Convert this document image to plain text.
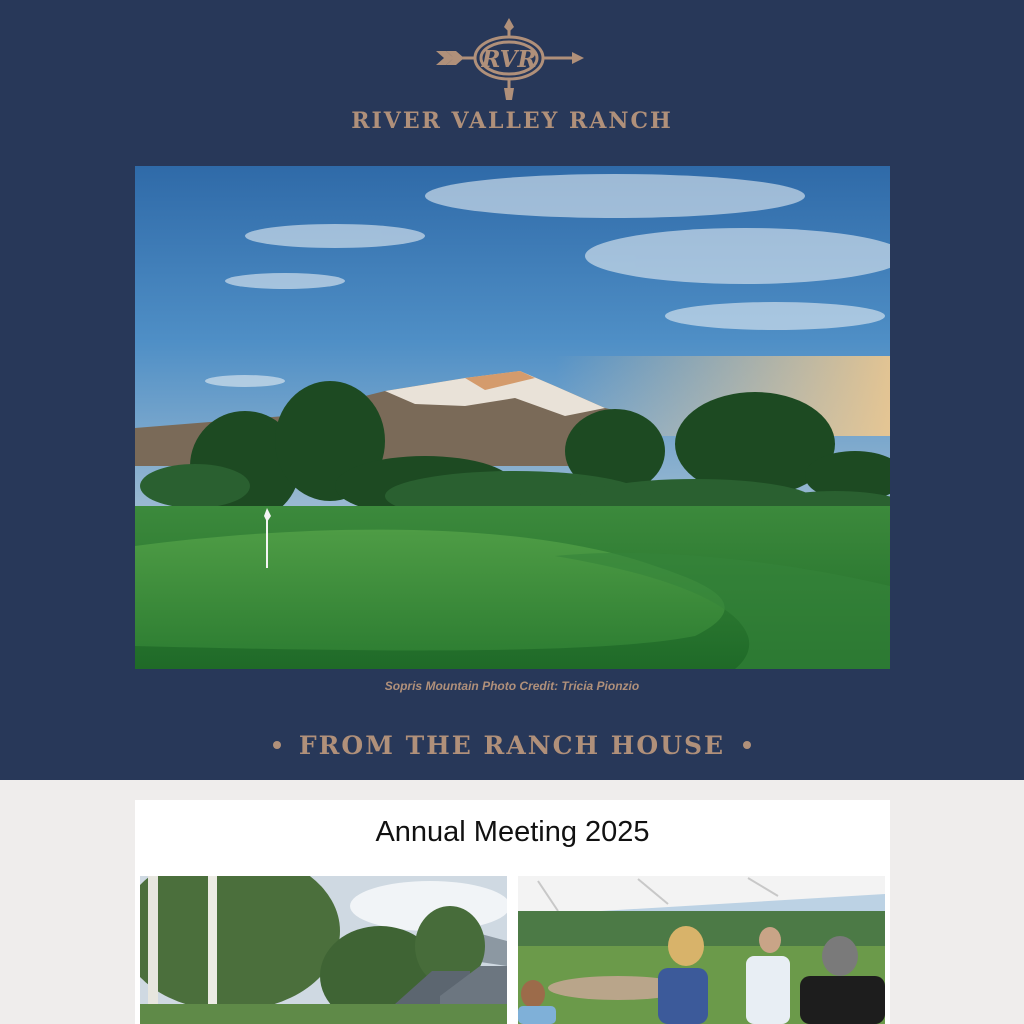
RVR
RIVER VALLEY RANCH
Sopris Mountain Photo Credit: Tricia Pionzio
FROM THE RANCH HOUSE
Annual Meeting 2025
